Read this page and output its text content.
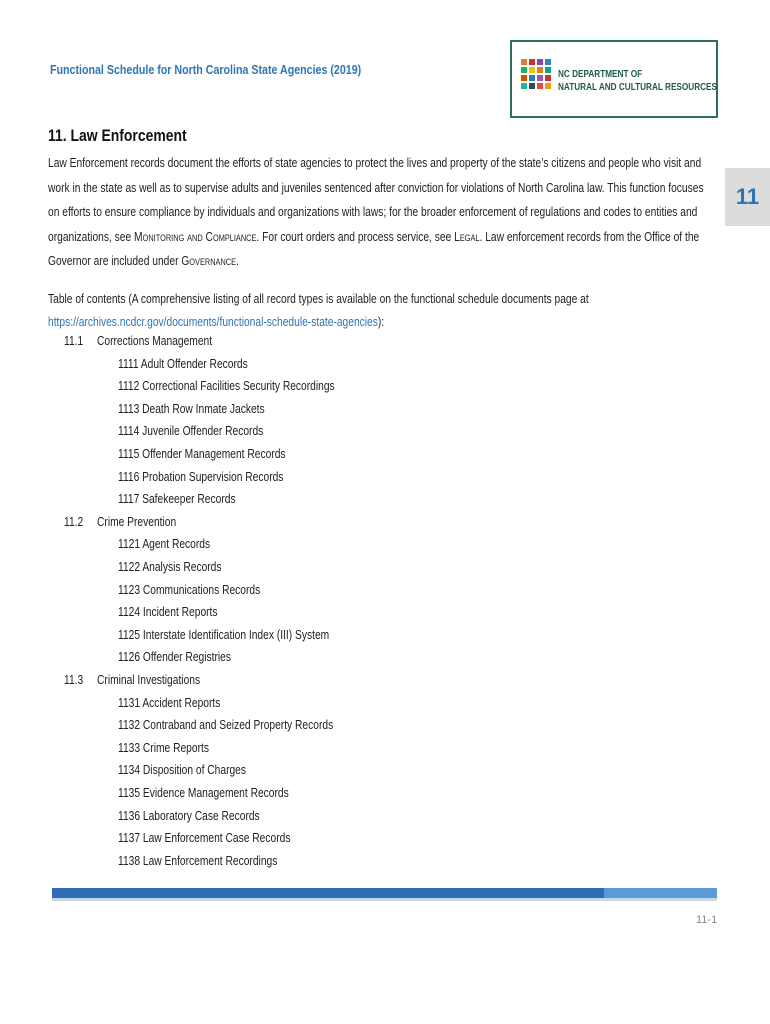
Functional Schedule for North Carolina State Agencies (2019)	NC DEPARTMENT OF
NATURAL AND CULTURAL RESOURCES
11
11. Law Enforcement
Law Enforcement records document the efforts of state agencies to protect the lives and property of the state’s citizens and people who visit and work in the state as well as to supervise adults and juveniles sentenced after conviction for violations of North Carolina law. This function focuses on efforts to ensure compliance by individuals and organizations with laws; for the broader enforcement of regulations and codes to entities and organizations, see Monitoring and Compliance. For court orders and process service, see Legal. Law enforcement records from the Office of the Governor are included under Governance.
Table of contents (A comprehensive listing of all record types is available on the functional schedule documents page at https://archives.ncdcr.gov/documents/functional-schedule-state-agencies):
11.1 Corrections Management
1111 Adult Offender Records
1112 Correctional Facilities Security Recordings
1113 Death Row Inmate Jackets
1114 Juvenile Offender Records
1115 Offender Management Records
1116 Probation Supervision Records
1117 Safekeeper Records
11.2 Crime Prevention
1121 Agent Records
1122 Analysis Records
1123 Communications Records
1124 Incident Reports
1125 Interstate Identification Index (III) System
1126 Offender Registries
11.3 Criminal Investigations
1131 Accident Reports
1132 Contraband and Seized Property Records
1133 Crime Reports
1134 Disposition of Charges
1135 Evidence Management Records
1136 Laboratory Case Records
1137 Law Enforcement Case Records
1138 Law Enforcement Recordings
11-1
